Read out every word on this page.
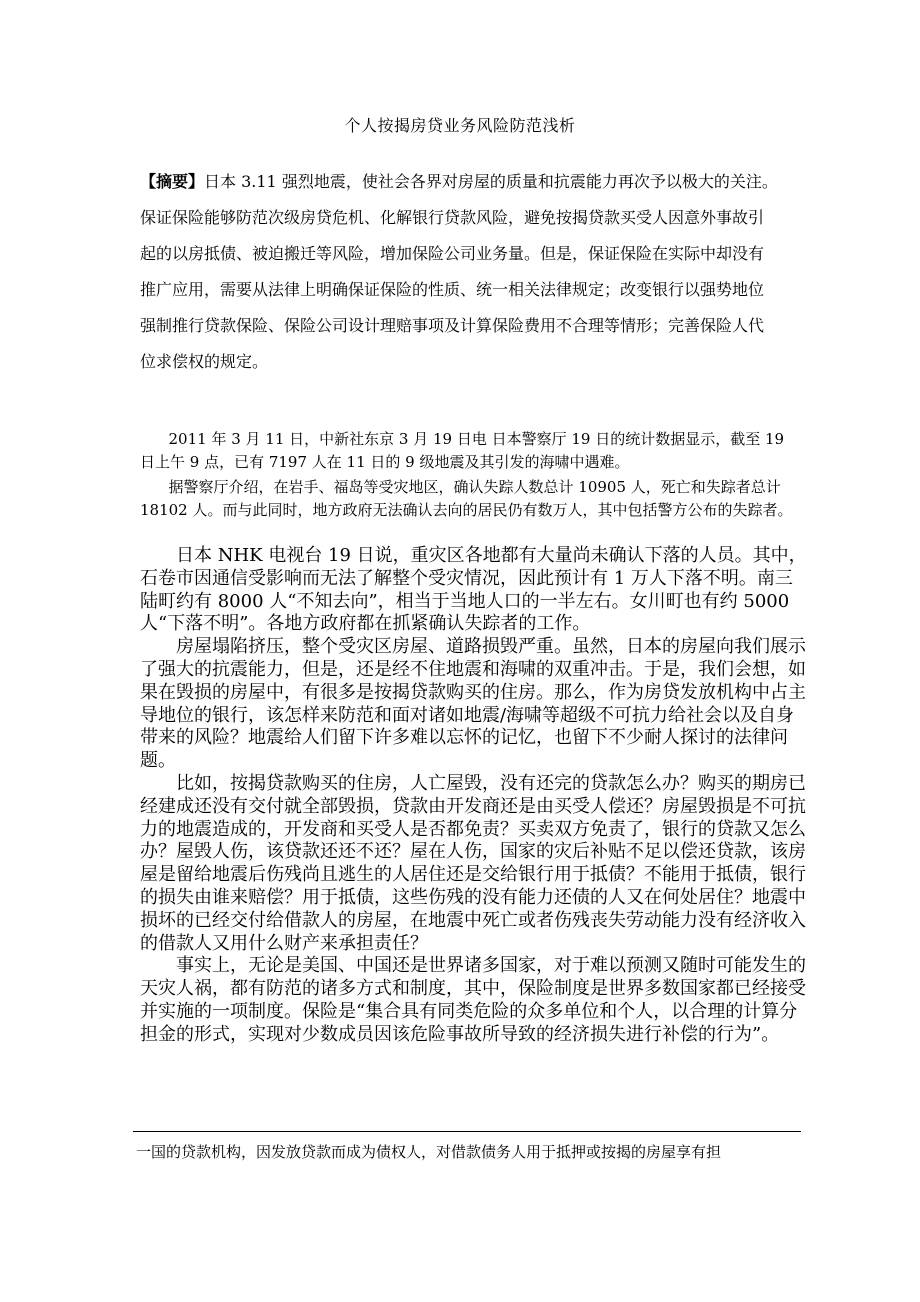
个人按揭房贷业务风险防范浅析

【摘要】日本 3.11 强烈地震，使社会各界对房屋的质量和抗震能力再次予以极大的关注。

保证保险能够防范次级房贷危机、化解银行贷款风险，避免按揭贷款买受人因意外事故引

起的以房抵债、被迫搬迁等风险，增加保险公司业务量。但是，保证保险在实际中却没有

推广应用，需要从法律上明确保证保险的性质、统一相关法律规定；改变银行以强势地位

强制推行贷款保险、保险公司设计理赔事项及计算保险费用不合理等情形；完善保险人代

位求偿权的规定。

2011 年 3 月 11 日，中新社东京 3 月 19 日电 日本警察厅 19 日的统计数据显示，截至 19 日上午 9 点，已有 7197 人在 11 日的 9 级地震及其引发的海啸中遇难。

据警察厅介绍，在岩手、福岛等受灾地区，确认失踪人数总计 10905 人，死亡和失踪者总计 18102 人。而与此同时，地方政府无法确认去向的居民仍有数万人，其中包括警方公布的失踪者。

日本 NHK 电视台 19 日说，重灾区各地都有大量尚未确认下落的人员。其中，石卷市因通信受影响而无法了解整个受灾情况，因此预计有 1 万人下落不明。南三陆町约有 8000 人“不知去向”，相当于当地人口的一半左右。女川町也有约 5000 人“下落不明”。各地方政府都在抓紧确认失踪者的工作。

房屋塌陷挤压，整个受灾区房屋、道路损毁严重。虽然，日本的房屋向我们展示了强大的抗震能力，但是，还是经不住地震和海啸的双重冲击。于是，我们会想，如果在毁损的房屋中，有很多是按揭贷款购买的住房。那么，作为房贷发放机构中占主导地位的银行，该怎样来防范和面对诸如地震/海啸等超级不可抗力给社会以及自身带来的风险？地震给人们留下许多难以忘怀的记忆，也留下不少耐人探讨的法律问题。

比如，按揭贷款购买的住房，人亡屋毁，没有还完的贷款怎么办？购买的期房已经建成还没有交付就全部毁损，贷款由开发商还是由买受人偿还？房屋毁损是不可抗力的地震造成的，开发商和买受人是否都免责？买卖双方免责了，银行的贷款又怎么办？屋毁人伤，该贷款还还不还？屋在人伤，国家的灾后补贴不足以偿还贷款，该房屋是留给地震后伤残尚且逃生的人居住还是交给银行用于抵债？不能用于抵债，银行的损失由谁来赔偿？用于抵债，这些伤残的没有能力还债的人又在何处居住？地震中损坏的已经交付给借款人的房屋，在地震中死亡或者伤残丧失劳动能力没有经济收入的借款人又用什么财产来承担责任？

事实上，无论是美国、中国还是世界诸多国家，对于难以预测又随时可能发生的天灾人祸，都有防范的诸多方式和制度，其中，保险制度是世界多数国家都已经接受并实施的一项制度。保险是“集合具有同类危险的众多单位和个人，以合理的计算分担金的形式，实现对少数成员因该危险事故所导致的经济损失进行补偿的行为”。

一国的贷款机构，因发放贷款而成为债权人，对借款债务人用于抵押或按揭的房屋享有担
